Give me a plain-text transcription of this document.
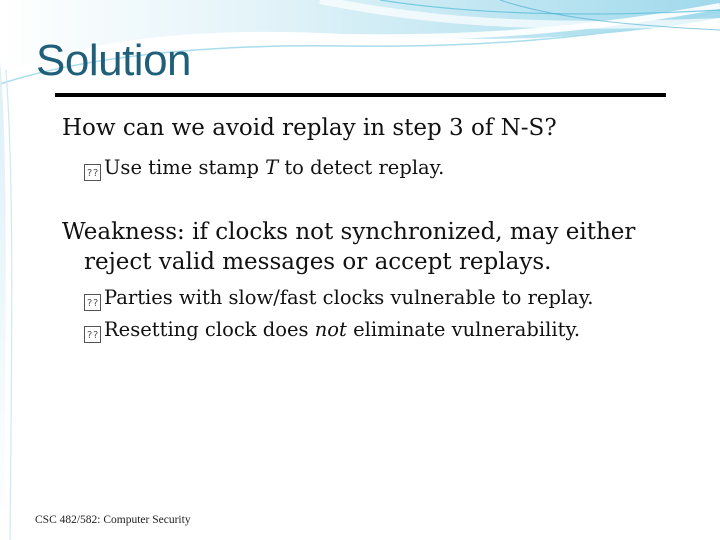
Solution
How can we avoid replay in step 3 of N-S?
?? Use time stamp T to detect replay.
Weakness: if clocks not synchronized, may either
reject valid messages or accept replays.
?? Parties with slow/fast clocks vulnerable to replay.
?? Resetting clock does not eliminate vulnerability.
CSC 482/582: Computer Security
